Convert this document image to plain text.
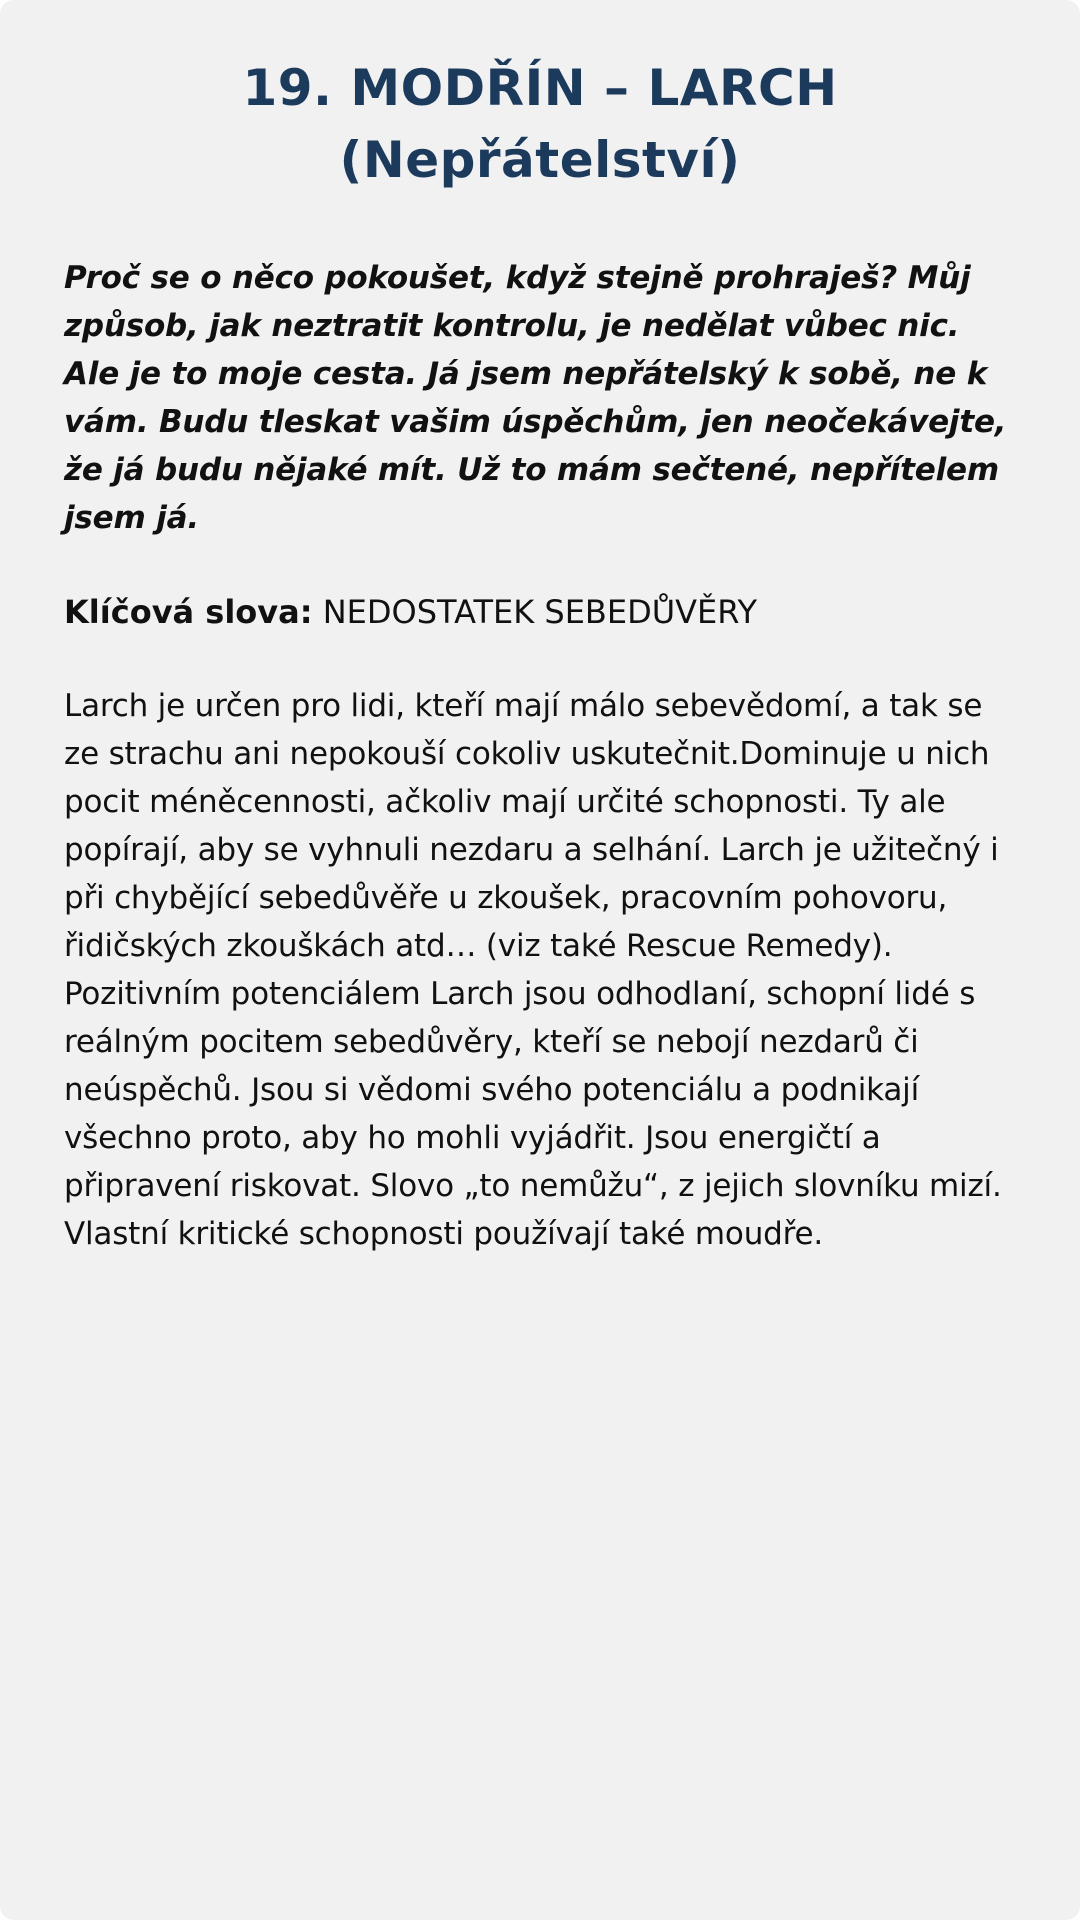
19. MODŘÍN – LARCH
(Nepřátelství)

Proč se o něco pokoušet, když stejně prohraješ? Můj způsob, jak neztratit kontrolu, je nedělat vůbec nic. Ale je to moje cesta. Já jsem nepřátelský k sobě, ne k vám. Budu tleskat vašim úspěchům, jen neočekávejte, že já budu nějaké mít. Už to mám sečtené, nepřítelem jsem já.

Klíčová slova: NEDOSTATEK SEBEDŮVĚRY

Larch je určen pro lidi, kteří mají málo sebevědomí, a tak se ze strachu ani nepokouší cokoliv uskutečnit.Dominuje u nich pocit méněcennosti, ačkoliv mají určité schopnosti. Ty ale popírají, aby se vyhnuli nezdaru a selhání. Larch je užitečný i při chybějící sebedůvěře u zkoušek, pracovním pohovoru, řidičských zkouškách atd… (viz také Rescue Remedy). Pozitivním potenciálem Larch jsou odhodlaní, schopní lidé s reálným pocitem sebedůvěry, kteří se nebojí nezdarů či neúspěchů. Jsou si vědomi svého potenciálu a podnikají všechno proto, aby ho mohli vyjádřit. Jsou energičtí a připravení riskovat. Slovo „to nemůžu“, z jejich slovníku mizí. Vlastní kritické schopnosti používají také moudře.
